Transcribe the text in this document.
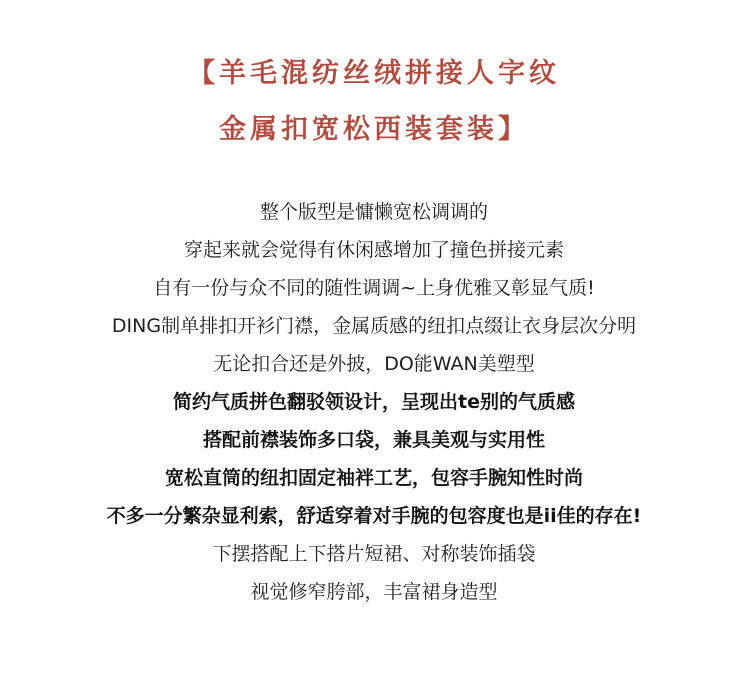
【羊毛混纺丝绒拼接人字纹
金属扣宽松西装套装】
整个版型是慵懒宽松调调的
穿起来就会觉得有休闲感增加了撞色拼接元素
自有一份与众不同的随性调调~上身优雅又彰显气质!
DING制单排扣开衫门襟，金属质感的纽扣点缀让衣身层次分明
无论扣合还是外披，DO能WAN美塑型
简约气质拼色翻驳领设计，呈现出te别的气质感
搭配前襟装饰多口袋，兼具美观与实用性
宽松直筒的纽扣固定袖袢工艺，包容手腕知性时尚
不多一分繁杂显利索，舒适穿着对手腕的包容度也是ii佳的存在!
下摆搭配上下搭片短裙、对称装饰插袋
视觉修窄胯部，丰富裙身造型
